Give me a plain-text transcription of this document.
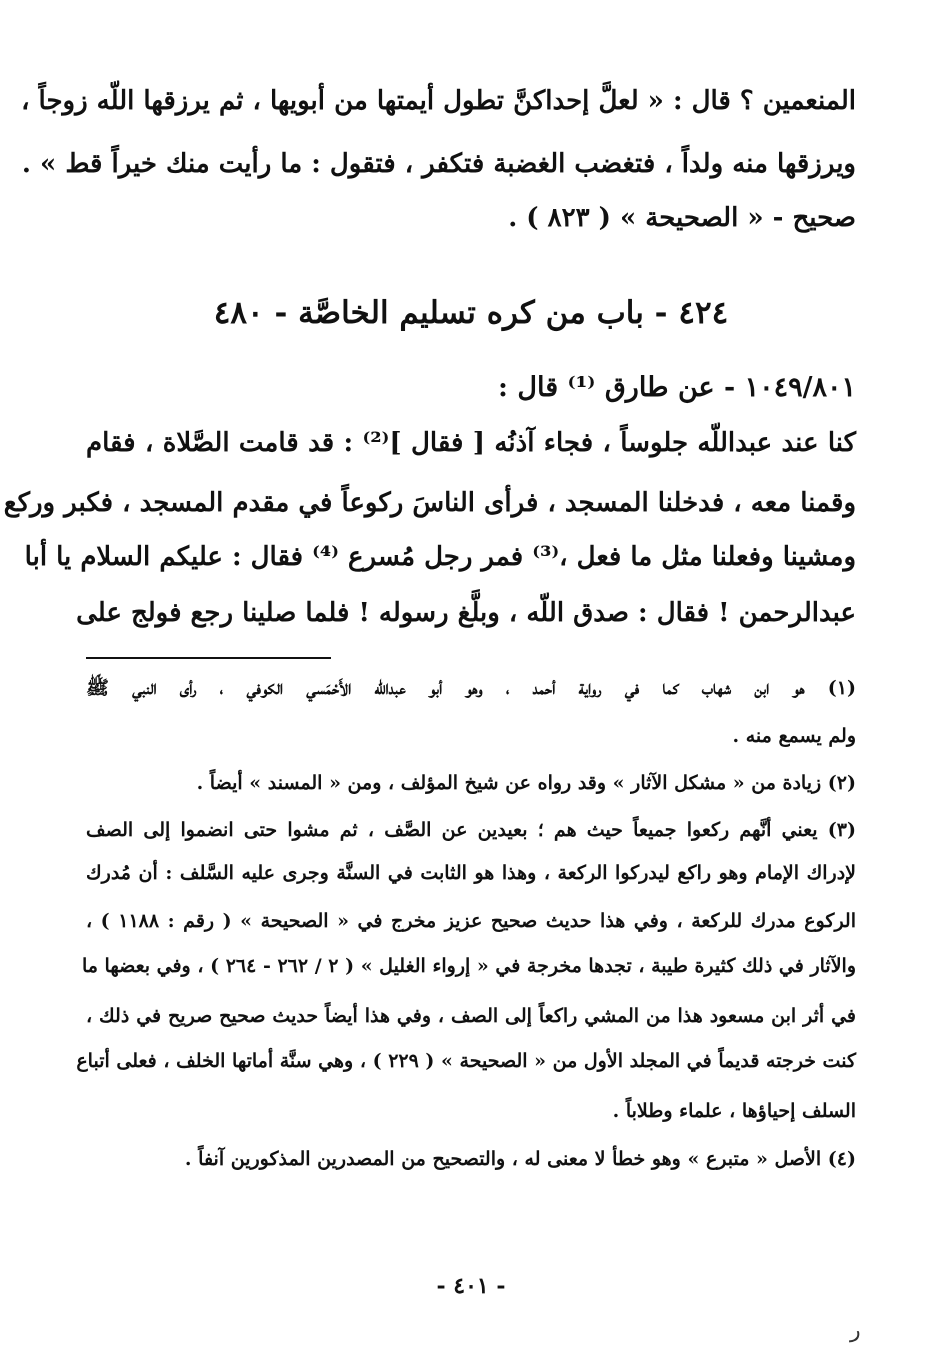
المنعمين ؟ قال : « لعلَّ إحداكنَّ تطول أيمتها من أبويها ، ثم يرزقها اللّه زوجاً ،
ويرزقها منه ولداً ، فتغضب الغضبة فتكفر ، فتقول : ما رأيت منك خيراً قط » .
صحيح - « الصحيحة » ( ٨٢٣ ) .
٤٢٤ - باب من كره تسليم الخاصَّة - ٤٨٠
١٠٤٩/٨٠١ - عن طارق ⁽¹⁾ قال :
كنا عند عبداللّه جلوساً ، فجاء آذنُه [ فقال ]⁽²⁾ : قد قامت الصَّلاة ، فقام
وقمنا معه ، فدخلنا المسجد ، فرأى الناسَ ركوعاً في مقدم المسجد ، فكبر وركع
ومشينا وفعلنا مثل ما فعل ،⁽³⁾ فمر رجل مُسرع ⁽⁴⁾ فقال : عليكم السلام يا أبا
عبدالرحمن ! فقال : صدق اللّه ، وبلَّغ رسوله ! فلما صلينا رجع فولج على
(١) هو ابن شهاب كما في رواية أحمد ، وهو أبو عبداللّه الأَحْمَسي الكوفي ، رأى النبي ﷺ
ولم يسمع منه .
(٢) زيادة من « مشكل الآثار » وقد رواه عن شيخ المؤلف ، ومن « المسند » أيضاً .
(٣) يعني أنَّهم ركعوا جميعاً حيث هم ؛ بعيدين عن الصَّف ، ثم مشوا حتى انضموا إلى الصف
لإدراك الإمام وهو راكع ليدركوا الركعة ، وهذا هو الثابت في السنَّة وجرى عليه السَّلف : أن مُدرك
الركوع مدرك للركعة ، وفي هذا حديث صحيح عزيز مخرج في « الصحيحة » ( رقم : ١١٨٨ ) ،
والآثار في ذلك كثيرة طيبة ، تجدها مخرجة في « إرواء الغليل » ( ٢ / ٢٦٢ - ٢٦٤ ) ، وفي بعضها ما
في أثر ابن مسعود هذا من المشي راكعاً إلى الصف ، وفي هذا أيضاً حديث صحيح صريح في ذلك ،
كنت خرجته قديماً في المجلد الأول من « الصحيحة » ( ٢٢٩ ) ، وهي سنَّة أماتها الخلف ، فعلى أتباع
السلف إحياؤها ، علماء وطلاباً .
(٤) الأصل « متبرع » وهو خطأ لا معنى له ، والتصحيح من المصدرين المذكورين آنفاً .
- ٤٠١ -
ر
